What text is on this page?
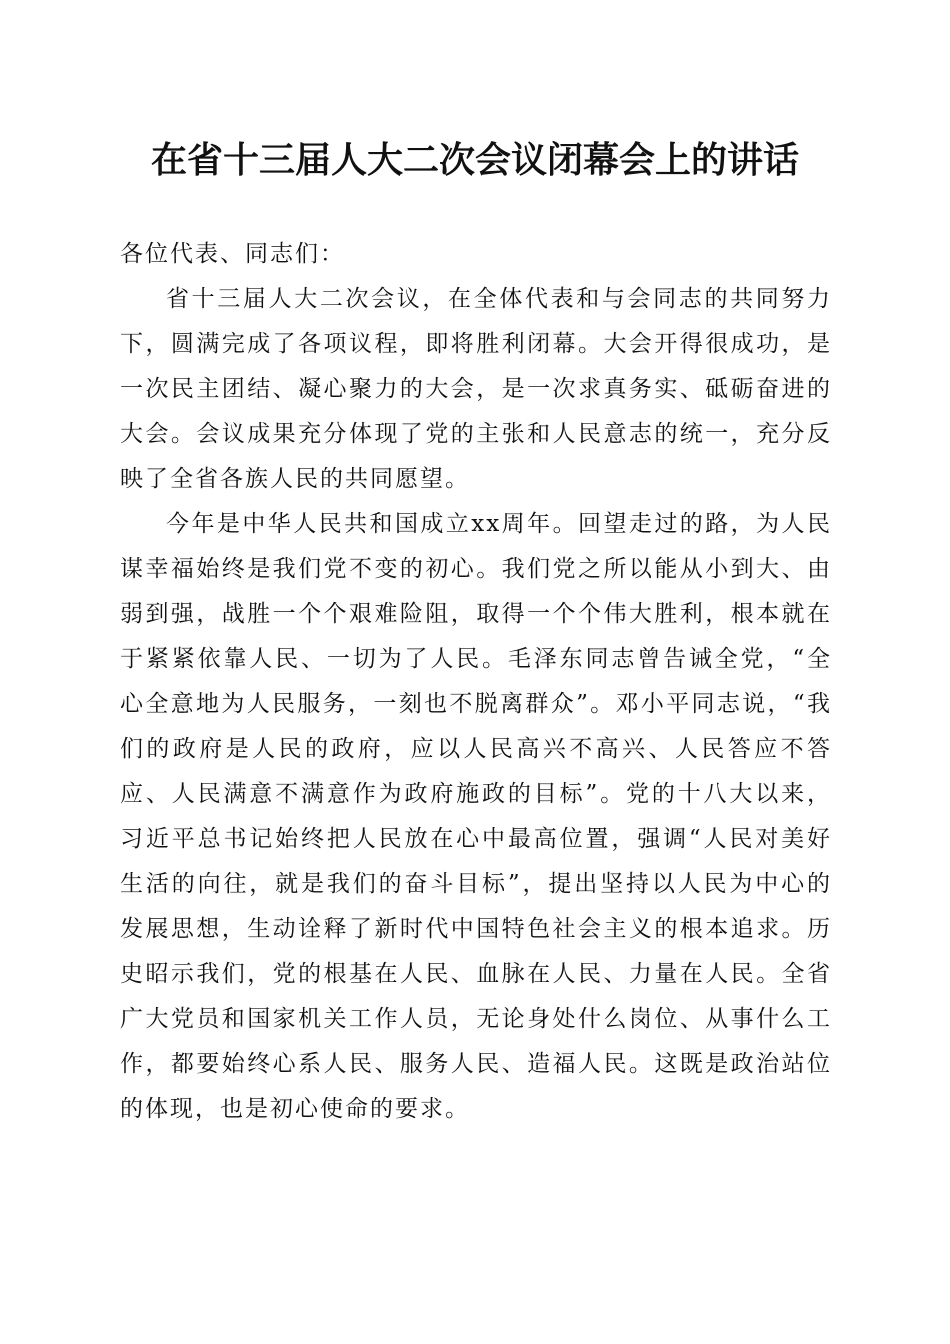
在省十三届人大二次会议闭幕会上的讲话

各位代表、同志们：

省十三届人大二次会议，在全体代表和与会同志的共同努力下，圆满完成了各项议程，即将胜利闭幕。大会开得很成功，是一次民主团结、凝心聚力的大会，是一次求真务实、砥砺奋进的大会。会议成果充分体现了党的主张和人民意志的统一，充分反映了全省各族人民的共同愿望。

今年是中华人民共和国成立xx周年。回望走过的路，为人民谋幸福始终是我们党不变的初心。我们党之所以能从小到大、由弱到强，战胜一个个艰难险阻，取得一个个伟大胜利，根本就在于紧紧依靠人民、一切为了人民。毛泽东同志曾告诫全党，“全心全意地为人民服务，一刻也不脱离群众”。邓小平同志说，“我们的政府是人民的政府，应以人民高兴不高兴、人民答应不答应、人民满意不满意作为政府施政的目标”。党的十八大以来，习近平总书记始终把人民放在心中最高位置，强调“人民对美好生活的向往，就是我们的奋斗目标”，提出坚持以人民为中心的发展思想，生动诠释了新时代中国特色社会主义的根本追求。历史昭示我们，党的根基在人民、血脉在人民、力量在人民。全省广大党员和国家机关工作人员，无论身处什么岗位、从事什么工作，都要始终心系人民、服务人民、造福人民。这既是政治站位的体现，也是初心使命的要求。
